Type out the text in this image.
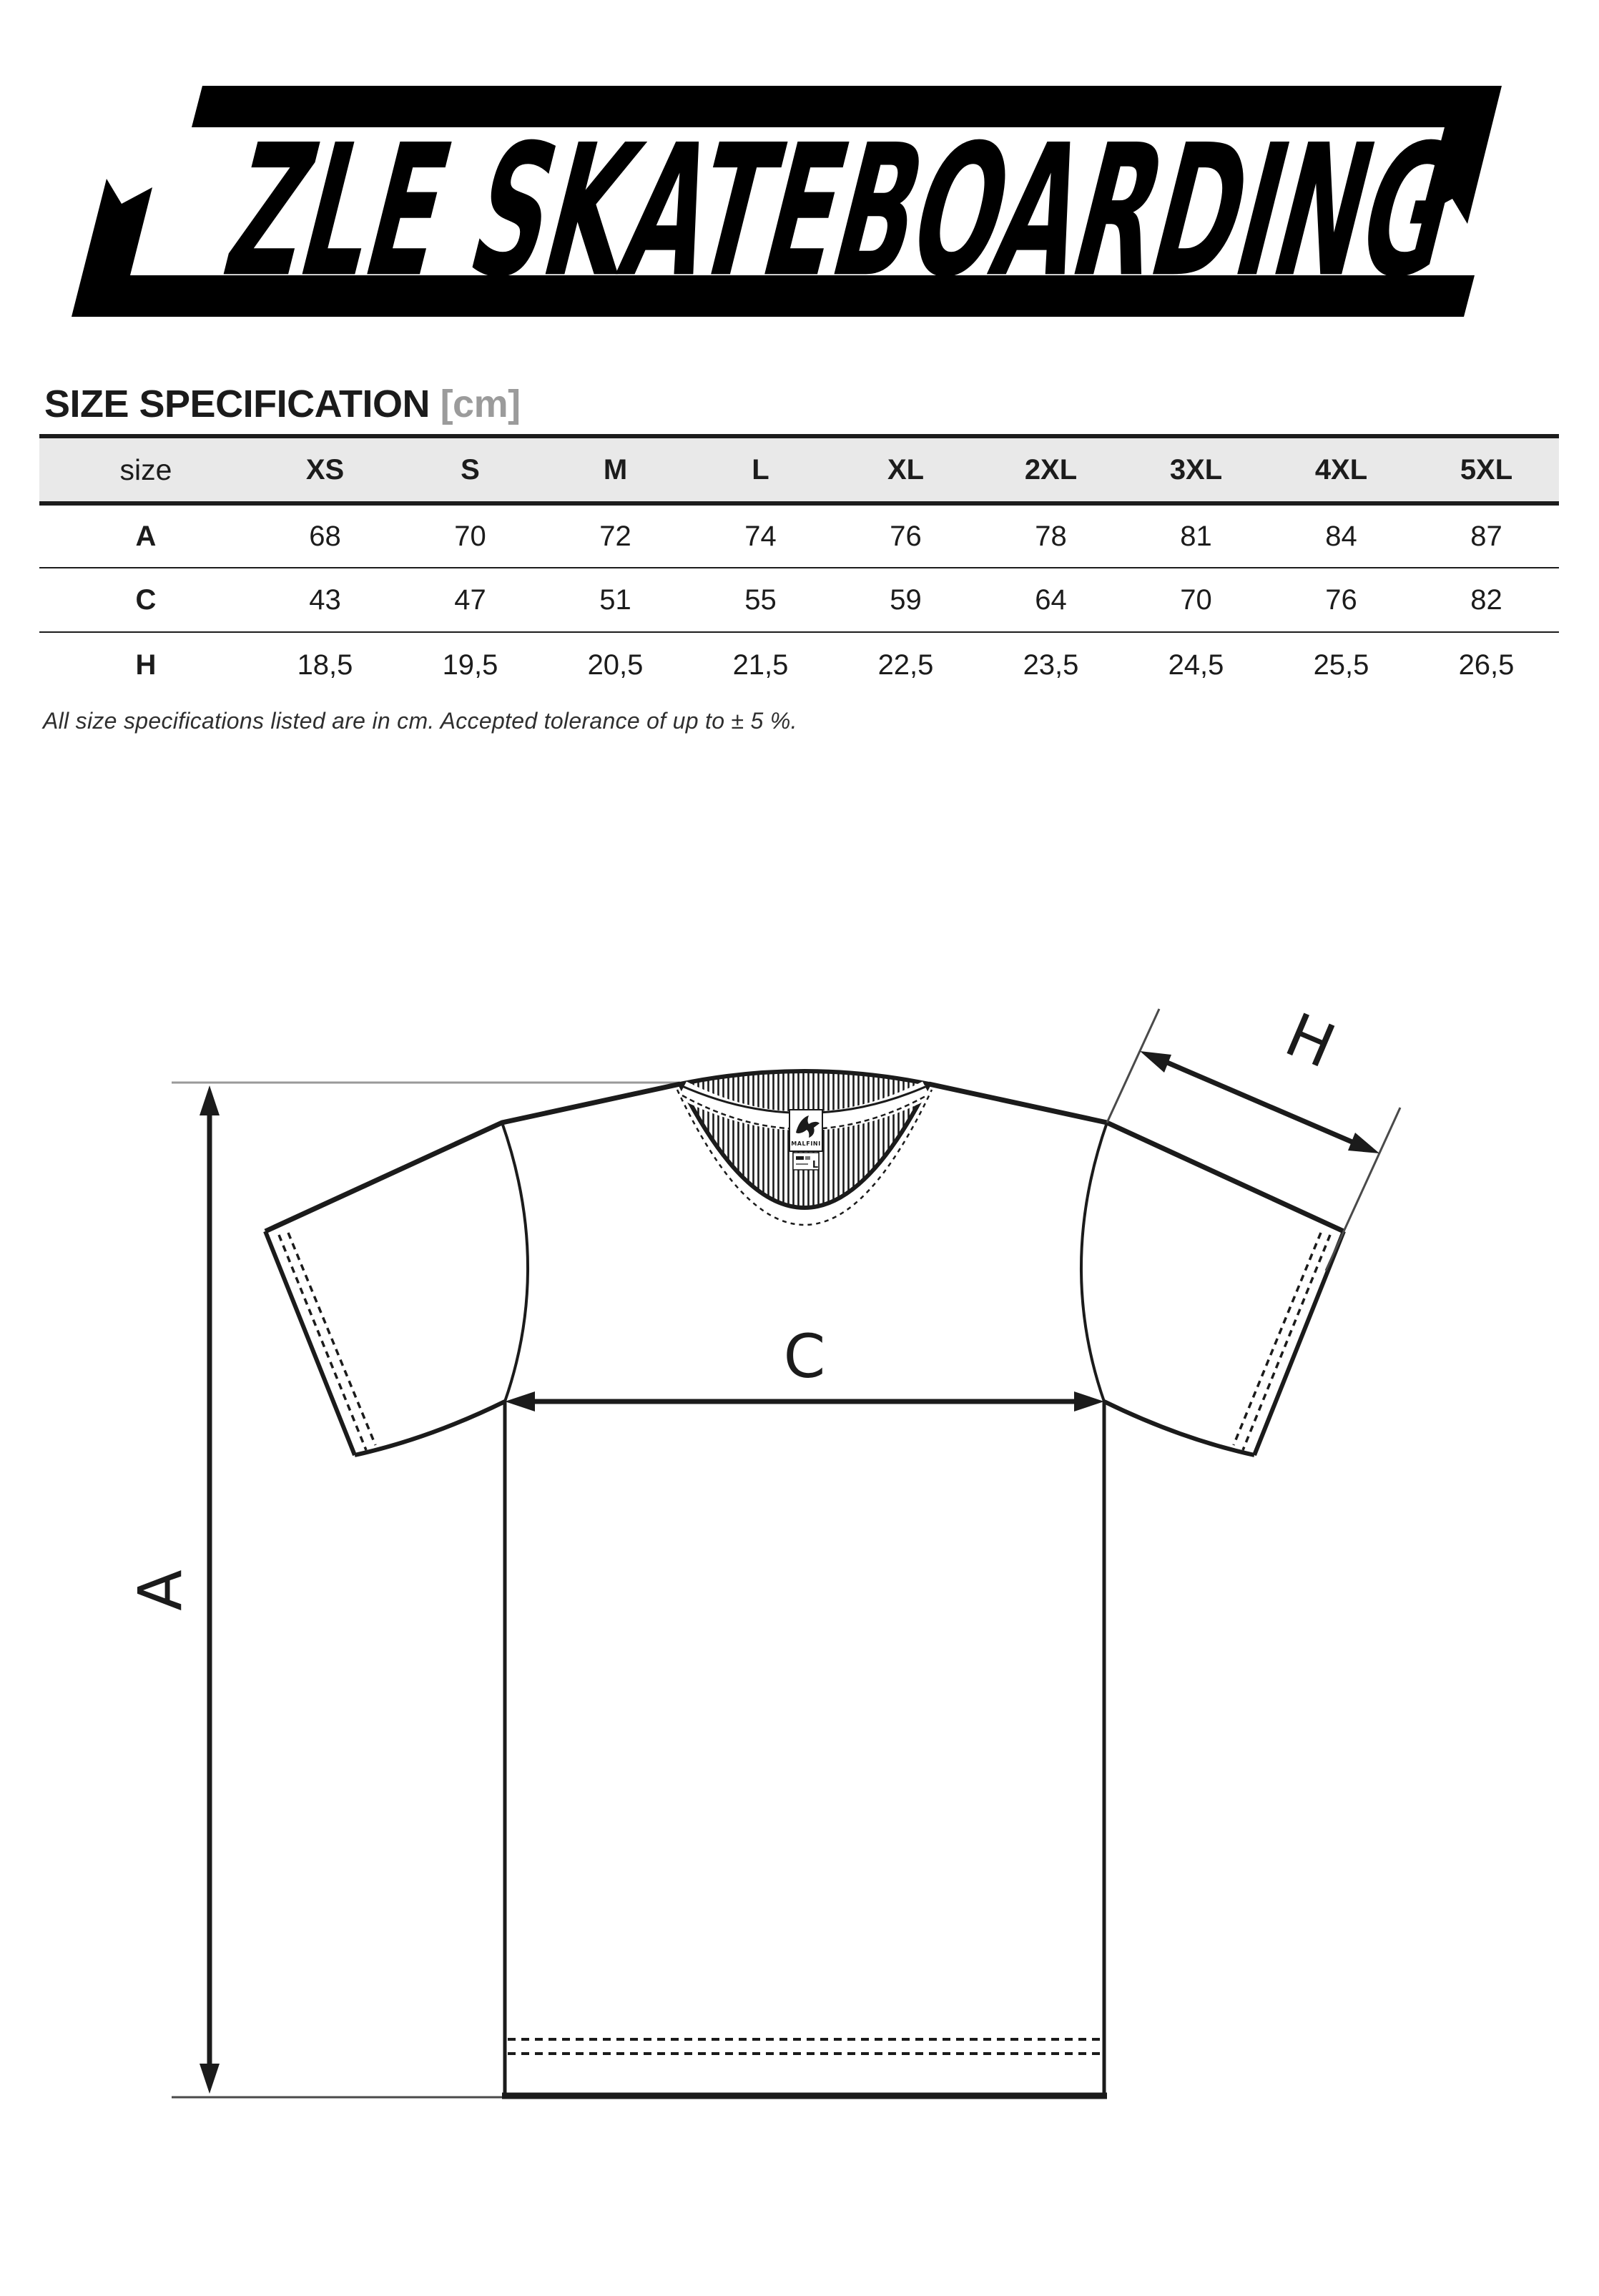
ZLE SKATEBOARDING
SIZE SPECIFICATION [cm]
size	XS	S	M	L	XL	2XL	3XL	4XL	5XL
A	68	70	72	74	76	78	81	84	87
C	43	47	51	55	59	64	70	76	82
H	18,5	19,5	20,5	21,5	22,5	23,5	24,5	25,5	26,5
All size specifications listed are in cm. Accepted tolerance of up to ± 5 %.
MALFINI
L
A
C
H
